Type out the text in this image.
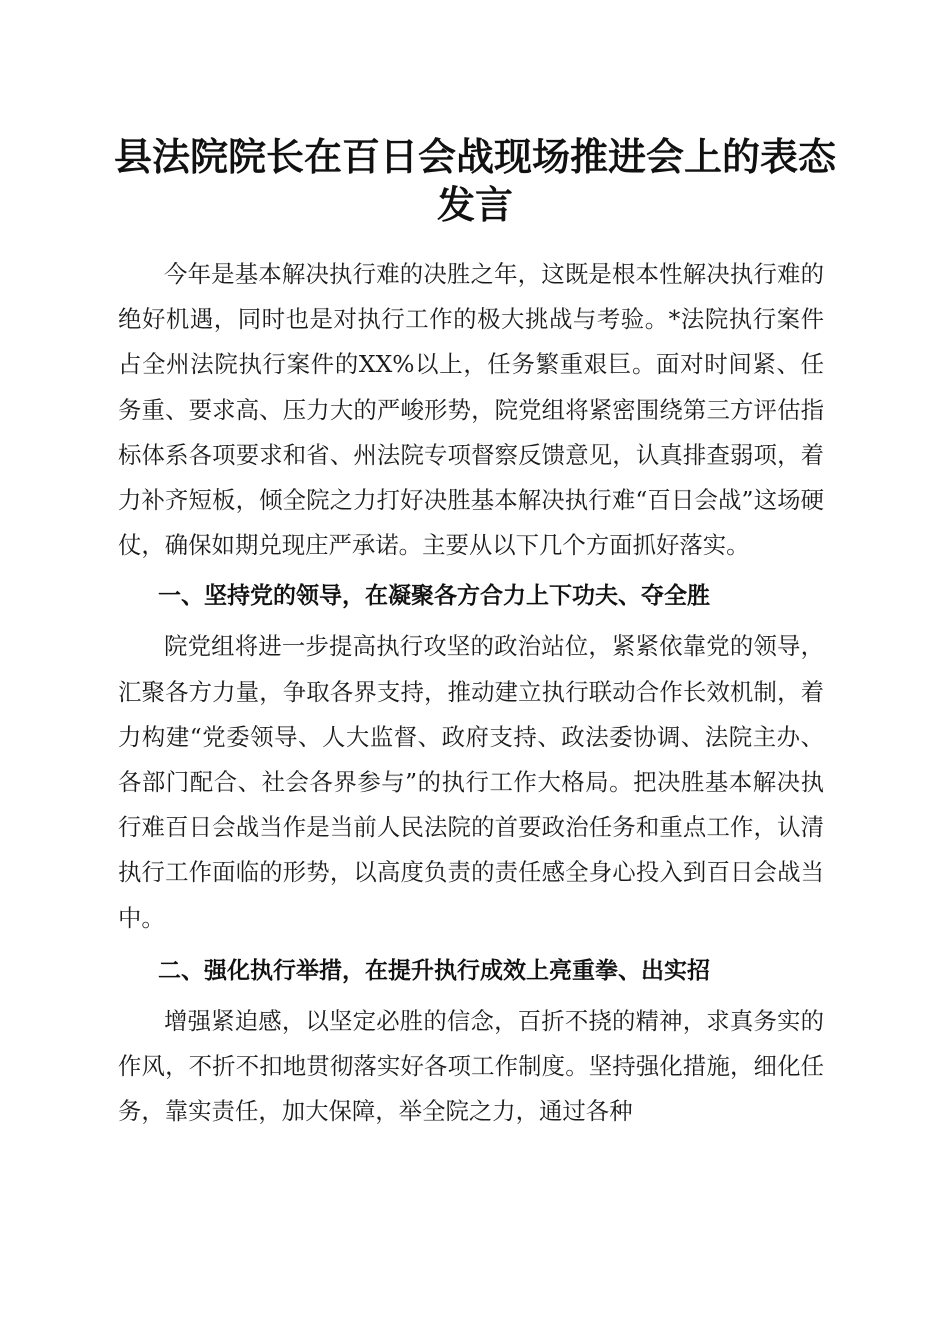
县法院院长在百日会战现场推进会上的表态发言

今年是基本解决执行难的决胜之年，这既是根本性解决执行难的绝好机遇，同时也是对执行工作的极大挑战与考验。*法院执行案件占全州法院执行案件的XX%以上，任务繁重艰巨。面对时间紧、任务重、要求高、压力大的严峻形势，院党组将紧密围绕第三方评估指标体系各项要求和省、州法院专项督察反馈意见，认真排查弱项，着力补齐短板，倾全院之力打好决胜基本解决执行难“百日会战”这场硬仗，确保如期兑现庄严承诺。主要从以下几个方面抓好落实。

一、坚持党的领导，在凝聚各方合力上下功夫、夺全胜

院党组将进一步提高执行攻坚的政治站位，紧紧依靠党的领导，汇聚各方力量，争取各界支持，推动建立执行联动合作长效机制，着力构建“党委领导、人大监督、政府支持、政法委协调、法院主办、各部门配合、社会各界参与”的执行工作大格局。把决胜基本解决执行难百日会战当作是当前人民法院的首要政治任务和重点工作，认清执行工作面临的形势，以高度负责的责任感全身心投入到百日会战当中。

二、强化执行举措，在提升执行成效上亮重拳、出实招

增强紧迫感，以坚定必胜的信念，百折不挠的精神，求真务实的作风，不折不扣地贯彻落实好各项工作制度。坚持强化措施，细化任务，靠实责任，加大保障，举全院之力，通过各种
